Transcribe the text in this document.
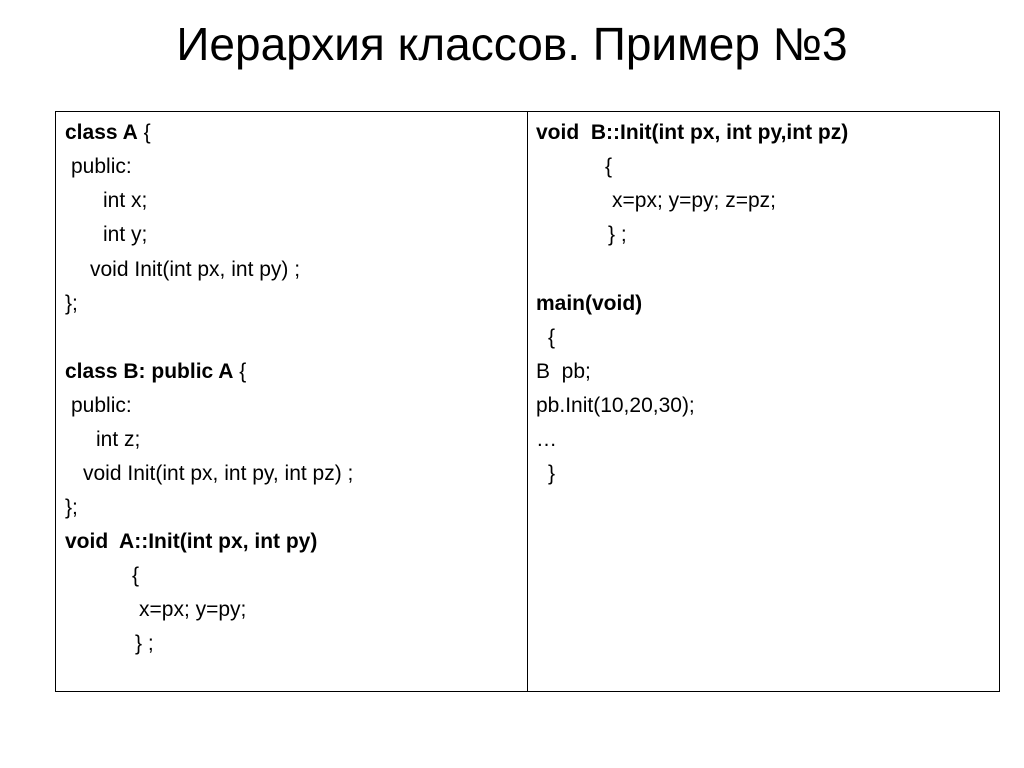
Иерархия классов. Пример №3
class A {
public:
int x;
int y;
void Init(int px, int py) ;
};
class B: public A {
public:
int z;
void Init(int px, int py, int pz) ;
};
void  A::Init(int px, int py)
{
x=px; y=py;
} ;
void  B::Init(int px, int py,int pz)
{
x=px; y=py; z=pz;
} ;
main(void)
{
B  pb;
pb.Init(10,20,30);
…
}
